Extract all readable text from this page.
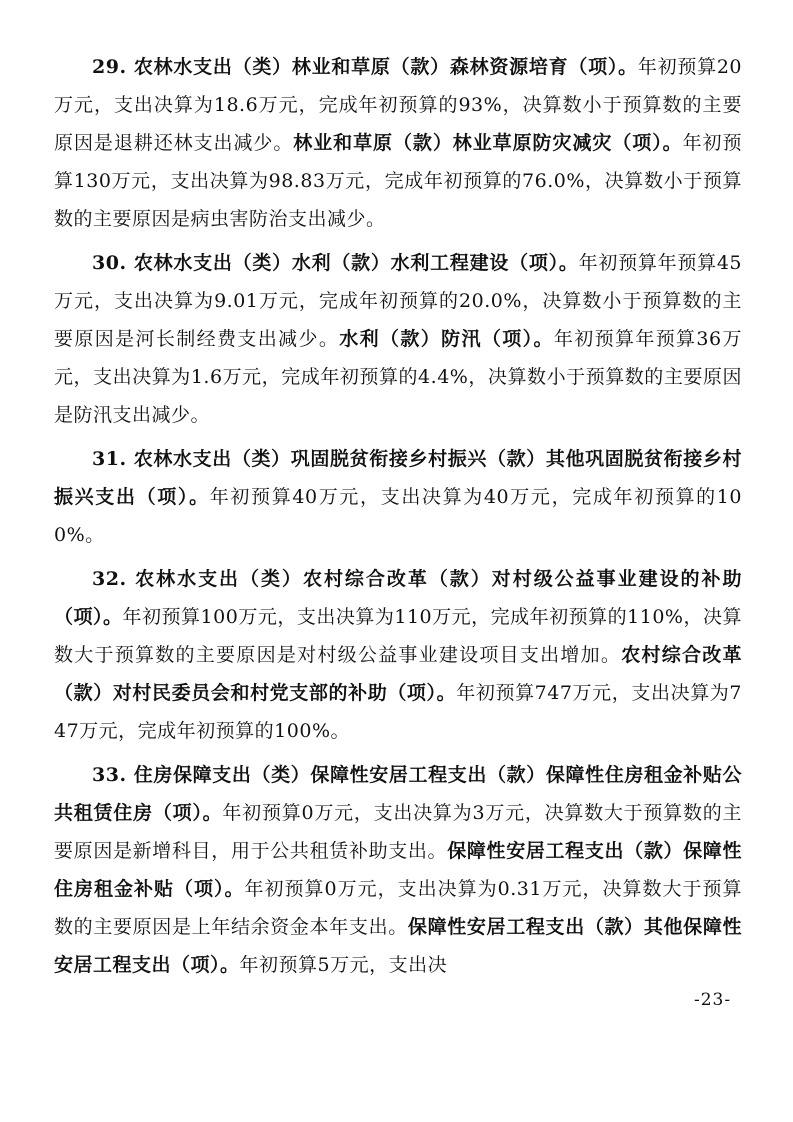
29. 农林水支出（类）林业和草原（款）森林资源培育（项）。年初预算20万元，支出决算为18.6万元，完成年初预算的93%，决算数小于预算数的主要原因是退耕还林支出减少。林业和草原（款）林业草原防灾减灾（项）。年初预算130万元，支出决算为98.83万元，完成年初预算的76.0%，决算数小于预算数的主要原因是病虫害防治支出减少。

30. 农林水支出（类）水利（款）水利工程建设（项）。年初预算年预算45万元，支出决算为9.01万元，完成年初预算的20.0%，决算数小于预算数的主要原因是河长制经费支出减少。水利（款）防汛（项）。年初预算年预算36万元，支出决算为1.6万元，完成年初预算的4.4%，决算数小于预算数的主要原因是防汛支出减少。

31. 农林水支出（类）巩固脱贫衔接乡村振兴（款）其他巩固脱贫衔接乡村振兴支出（项）。年初预算40万元，支出决算为40万元，完成年初预算的100%。

32. 农林水支出（类）农村综合改革（款）对村级公益事业建设的补助（项）。年初预算100万元，支出决算为110万元，完成年初预算的110%，决算数大于预算数的主要原因是对村级公益事业建设项目支出增加。农村综合改革（款）对村民委员会和村党支部的补助（项）。年初预算747万元，支出决算为747万元，完成年初预算的100%。

33. 住房保障支出（类）保障性安居工程支出（款）保障性住房租金补贴公共租赁住房（项）。年初预算0万元，支出决算为3万元，决算数大于预算数的主要原因是新增科目，用于公共租赁补助支出。保障性安居工程支出（款）保障性住房租金补贴（项）。年初预算0万元，支出决算为0.31万元，决算数大于预算数的主要原因是上年结余资金本年支出。保障性安居工程支出（款）其他保障性安居工程支出（项）。年初预算5万元，支出决

-23-
